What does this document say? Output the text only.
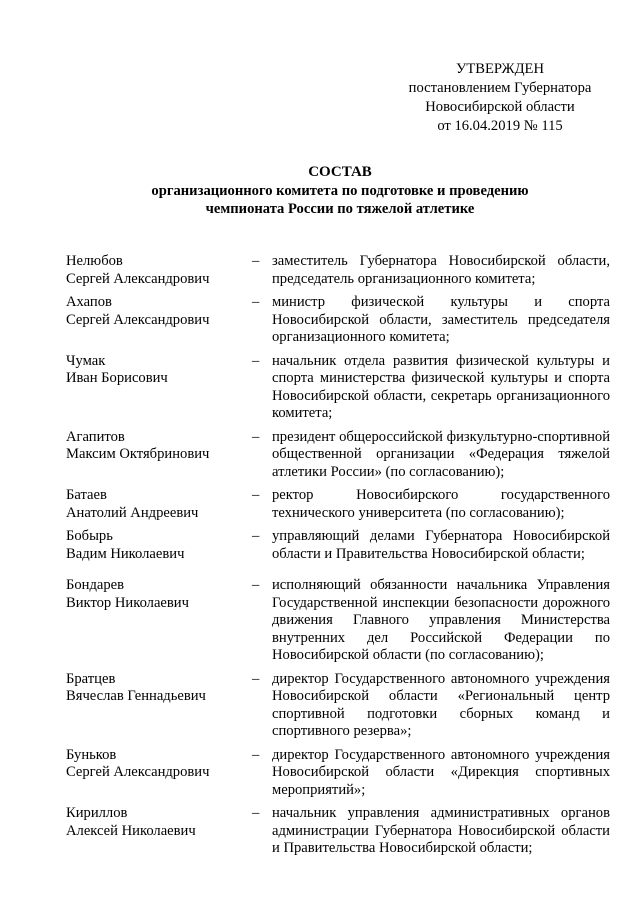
УТВЕРЖДЕН
постановлением Губернатора
Новосибирской области
от 16.04.2019 № 115
СОСТАВ
организационного комитета по подготовке и проведению
чемпионата России по тяжелой атлетике
Нелюбов
Сергей Александрович
– заместитель Губернатора Новосибирской области, председатель организационного комитета;
Ахапов
Сергей Александрович
– министр физической культуры и спорта Новосибирской области, заместитель председателя организационного комитета;
Чумак
Иван Борисович
– начальник отдела развития физической культуры и спорта министерства физической культуры и спорта Новосибирской области, секретарь организационного комитета;
Агапитов
Максим Октябринович
– президент общероссийской физкультурно-спортивной общественной организации «Федерация тяжелой атлетики России» (по согласованию);
Батаев
Анатолий Андреевич
– ректор Новосибирского государственного технического университета (по согласованию);
Бобырь
Вадим Николаевич
– управляющий делами Губернатора Новосибирской области и Правительства Новосибирской области;
Бондарев
Виктор Николаевич
– исполняющий обязанности начальника Управления Государственной инспекции безопасности дорожного движения Главного управления Министерства внутренних дел Российской Федерации по Новосибирской области (по согласованию);
Братцев
Вячеслав Геннадьевич
– директор Государственного автономного учреждения Новосибирской области «Региональный центр спортивной подготовки сборных команд и спортивного резерва»;
Буньков
Сергей Александрович
– директор Государственного автономного учреждения Новосибирской области «Дирекция спортивных мероприятий»;
Кириллов
Алексей Николаевич
– начальник управления административных органов администрации Губернатора Новосибирской области и Правительства Новосибирской области;
